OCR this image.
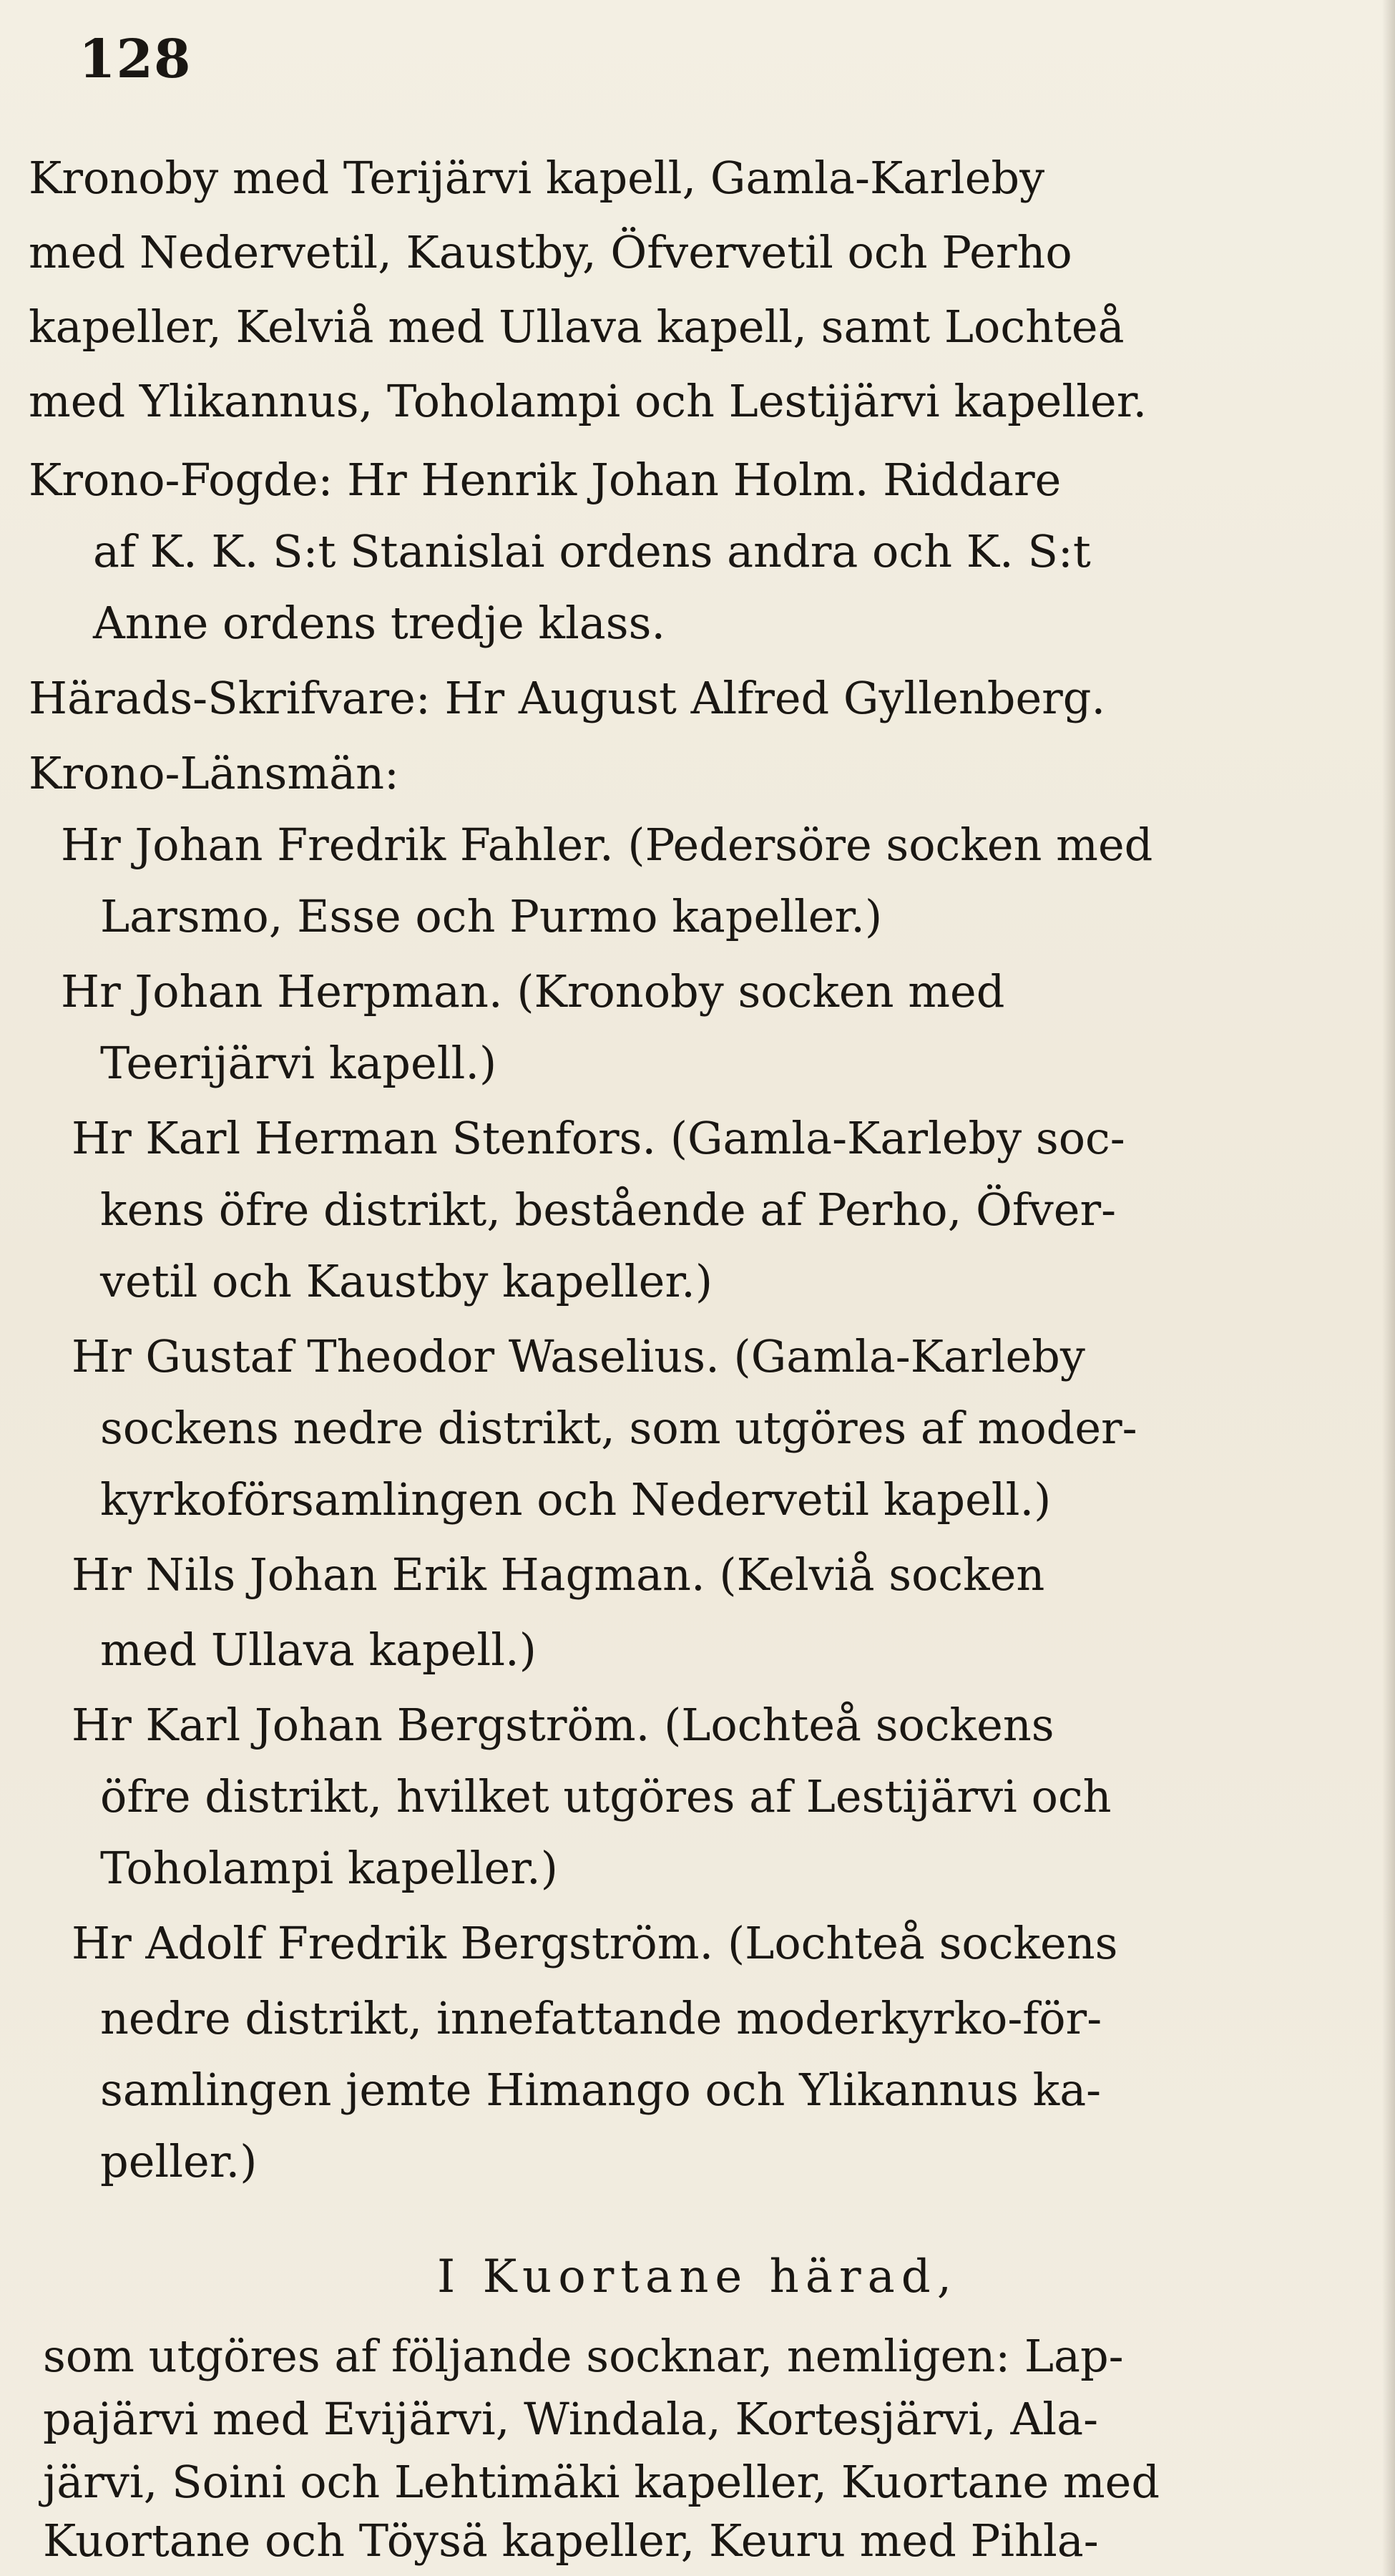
128
Kronoby med Terijärvi kapell, Gamla-Karleby
med Nedervetil, Kaustby, Öfvervetil och Perho
kapeller, Kelviå med Ullava kapell, samt Lochteå
med Ylikannus, Toholampi och Lestijärvi kapeller.
Krono-Fogde: Hr Henrik Johan Holm. Riddare
af K. K. S:t Stanislai ordens andra och K. S:t
Anne ordens tredje klass.
Härads-Skrifvare: Hr August Alfred Gyllenberg.
Krono-Länsmän:
Hr Johan Fredrik Fahler. (Pedersöre socken med
Larsmo, Esse och Purmo kapeller.)
Hr Johan Herpman. (Kronoby socken med
Teerijärvi kapell.)
Hr Karl Herman Stenfors. (Gamla-Karleby soc-
kens öfre distrikt, bestående af Perho, Öfver-
vetil och Kaustby kapeller.)
Hr Gustaf Theodor Waselius. (Gamla-Karleby
sockens nedre distrikt, som utgöres af moder-
kyrkoförsamlingen och Nedervetil kapell.)
Hr Nils Johan Erik Hagman. (Kelviå socken
med Ullava kapell.)
Hr Karl Johan Bergström. (Lochteå sockens
öfre distrikt, hvilket utgöres af Lestijärvi och
Toholampi kapeller.)
Hr Adolf Fredrik Bergström. (Lochteå sockens
nedre distrikt, innefattande moderkyrko-för-
samlingen jemte Himango och Ylikannus ka-
peller.)
I Kuortane härad,
som utgöres af följande socknar, nemligen: Lap-
pajärvi med Evijärvi, Windala, Kortesjärvi, Ala-
järvi, Soini och Lehtimäki kapeller, Kuortane med
Kuortane och Töysä kapeller, Keuru med Pihla-
